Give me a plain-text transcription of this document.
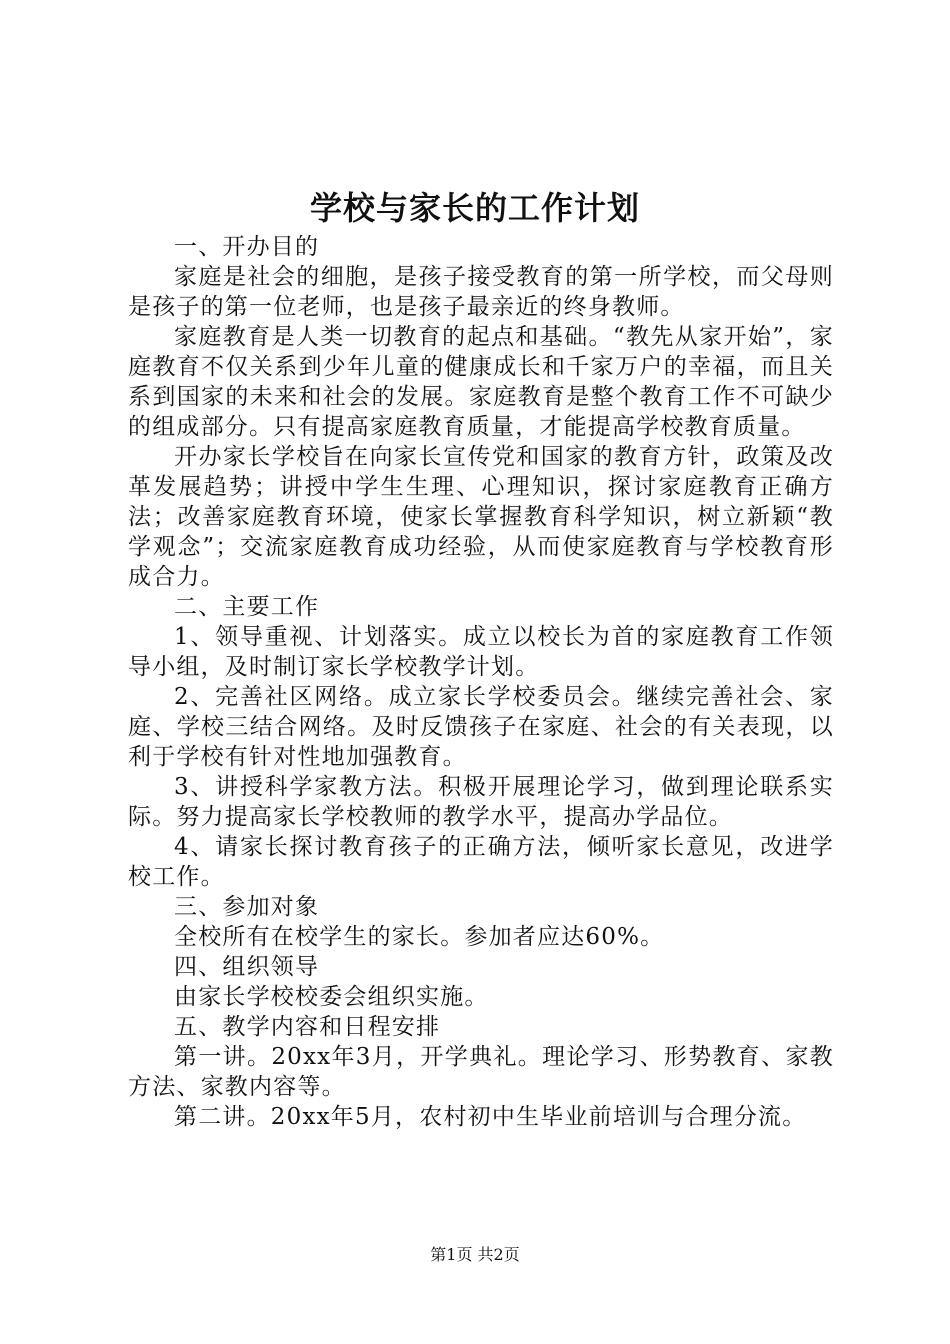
学校与家长的工作计划

一、开办目的

家庭是社会的细胞，是孩子接受教育的第一所学校，而父母则是孩子的第一位老师，也是孩子最亲近的终身教师。

家庭教育是人类一切教育的起点和基础。“教先从家开始”，家庭教育不仅关系到少年儿童的健康成长和千家万户的幸福，而且关系到国家的未来和社会的发展。家庭教育是整个教育工作不可缺少的组成部分。只有提高家庭教育质量，才能提高学校教育质量。

开办家长学校旨在向家长宣传党和国家的教育方针，政策及改革发展趋势；讲授中学生生理、心理知识，探讨家庭教育正确方法；改善家庭教育环境，使家长掌握教育科学知识，树立新颖“教学观念”；交流家庭教育成功经验，从而使家庭教育与学校教育形成合力。

二、主要工作

1、领导重视、计划落实。成立以校长为首的家庭教育工作领导小组，及时制订家长学校教学计划。

2、完善社区网络。成立家长学校委员会。继续完善社会、家庭、学校三结合网络。及时反馈孩子在家庭、社会的有关表现，以利于学校有针对性地加强教育。

3、讲授科学家教方法。积极开展理论学习，做到理论联系实际。努力提高家长学校教师的教学水平，提高办学品位。

4、请家长探讨教育孩子的正确方法，倾听家长意见，改进学校工作。

三、参加对象

全校所有在校学生的家长。参加者应达60%。

四、组织领导

由家长学校校委会组织实施。

五、教学内容和日程安排

第一讲。20xx年3月，开学典礼。理论学习、形势教育、家教方法、家教内容等。

第二讲。20xx年5月，农村初中生毕业前培训与合理分流。

第1页 共2页
